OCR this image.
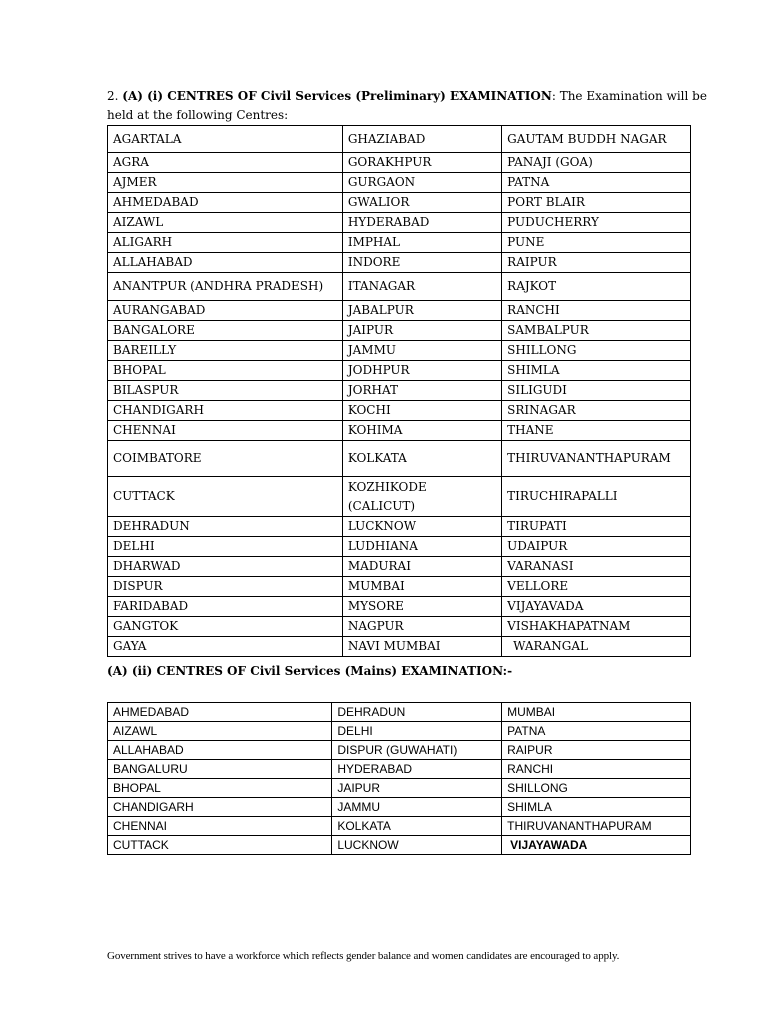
2. (A) (i) CENTRES OF Civil Services (Preliminary) EXAMINATION: The Examination will be held at the following Centres:
AGARTALA	GHAZIABAD	GAUTAM BUDDH NAGAR
AGRA	GORAKHPUR	PANAJI (GOA)
AJMER	GURGAON	PATNA
AHMEDABAD	GWALIOR	PORT BLAIR
AIZAWL	HYDERABAD	PUDUCHERRY
ALIGARH	IMPHAL	PUNE
ALLAHABAD	INDORE	RAIPUR
ANANTPUR (ANDHRA PRADESH)	ITANAGAR	RAJKOT
AURANGABAD	JABALPUR	RANCHI
BANGALORE	JAIPUR	SAMBALPUR
BAREILLY	JAMMU	SHILLONG
BHOPAL	JODHPUR	SHIMLA
BILASPUR	JORHAT	SILIGUDI
CHANDIGARH	KOCHI	SRINAGAR
CHENNAI	KOHIMA	THANE
COIMBATORE	KOLKATA	THIRUVANANTHAPURAM
CUTTACK	KOZHIKODE (CALICUT)	TIRUCHIRAPALLI
DEHRADUN	LUCKNOW	TIRUPATI
DELHI	LUDHIANA	UDAIPUR
DHARWAD	MADURAI	VARANASI
DISPUR	MUMBAI	VELLORE
FARIDABAD	MYSORE	VIJAYAVADA
GANGTOK	NAGPUR	VISHAKHAPATNAM
GAYA	NAVI MUMBAI	WARANGAL
(A) (ii) CENTRES OF Civil Services (Mains) EXAMINATION:-
AHMEDABAD	DEHRADUN	MUMBAI
AIZAWL	DELHI	PATNA
ALLAHABAD	DISPUR (GUWAHATI)	RAIPUR
BANGALURU	HYDERABAD	RANCHI
BHOPAL	JAIPUR	SHILLONG
CHANDIGARH	JAMMU	SHIMLA
CHENNAI	KOLKATA	THIRUVANANTHAPURAM
CUTTACK	LUCKNOW	VIJAYAWADA
Government strives to have a workforce which reflects gender balance and women candidates are encouraged to apply.
